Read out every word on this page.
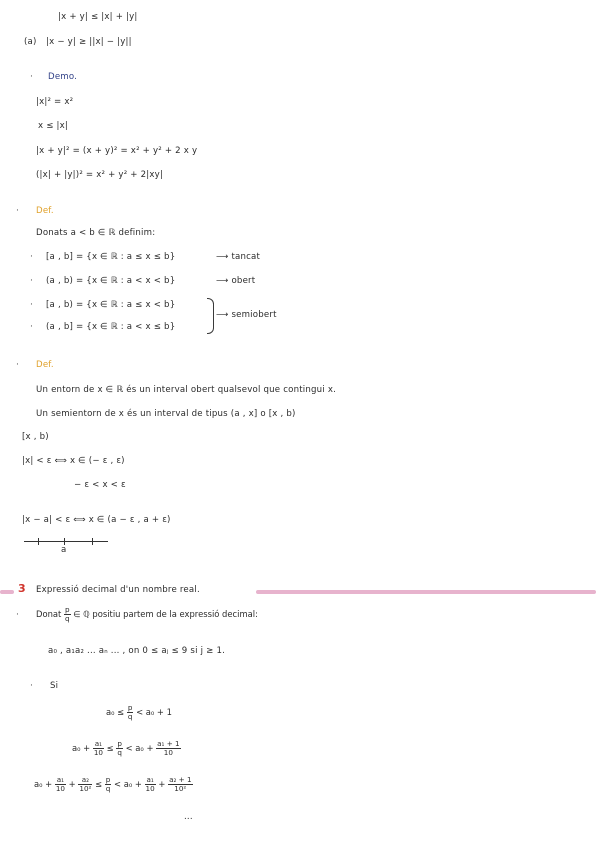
|x + y| ≤ |x| + |y|
(a) |x − y| ≥ ||x| − |y||
· Demo.
|x|² = x²
x ≤ |x|
|x + y|² = (x + y)² = x² + y² + 2 x y
(|x| + |y|)² = x² + y² + 2|xy|
· Def.
Donats a < b ∈ ℝ definim:
· [a , b] = {x ∈ ℝ : a ≤ x ≤ b}	⟶ tancat
· (a , b) = {x ∈ ℝ : a < x < b}	⟶ obert
· [a , b) = {x ∈ ℝ : a ≤ x < b}
· (a , b] = {x ∈ ℝ : a < x ≤ b}
⟶ semiobert
· Def.
Un entorn de x ∈ ℝ és un interval obert qualsevol que contingui x.
Un semientorn de x és un interval de tipus (a , x] o [x , b)
[x , b)
|x| < ε ⟺ x ∈ (− ε , ε)
− ε < x < ε
|x − a| < ε ⟺ x ∈ (a − ε , a + ε)
a
3 Expressió decimal d'un nombre real.
· Donat $\frac{p}{q}$ ∈ ℚ positiu partem de la expressió decimal:
a₀ , a₁a₂ ... aₙ ... , on 0 ≤ aⱼ ≤ 9 si j ≥ 1.
· Si
$a_0 \le \frac{p}{q} < a_0 + 1$
$a_0 + \frac{\text{a₁}}{10} \le \frac{p}{q} < a_0 + \frac{\text{a₁ + 1}}{10}$
$a_0 + \frac{\text{a₁}}{10} + \frac{\text{a₂}}{\text{10²}} \le \frac{p}{q} < a_0 + \frac{\text{a₁}}{10} + \frac{\text{a₂ + 1}}{\text{10²}}$
...
